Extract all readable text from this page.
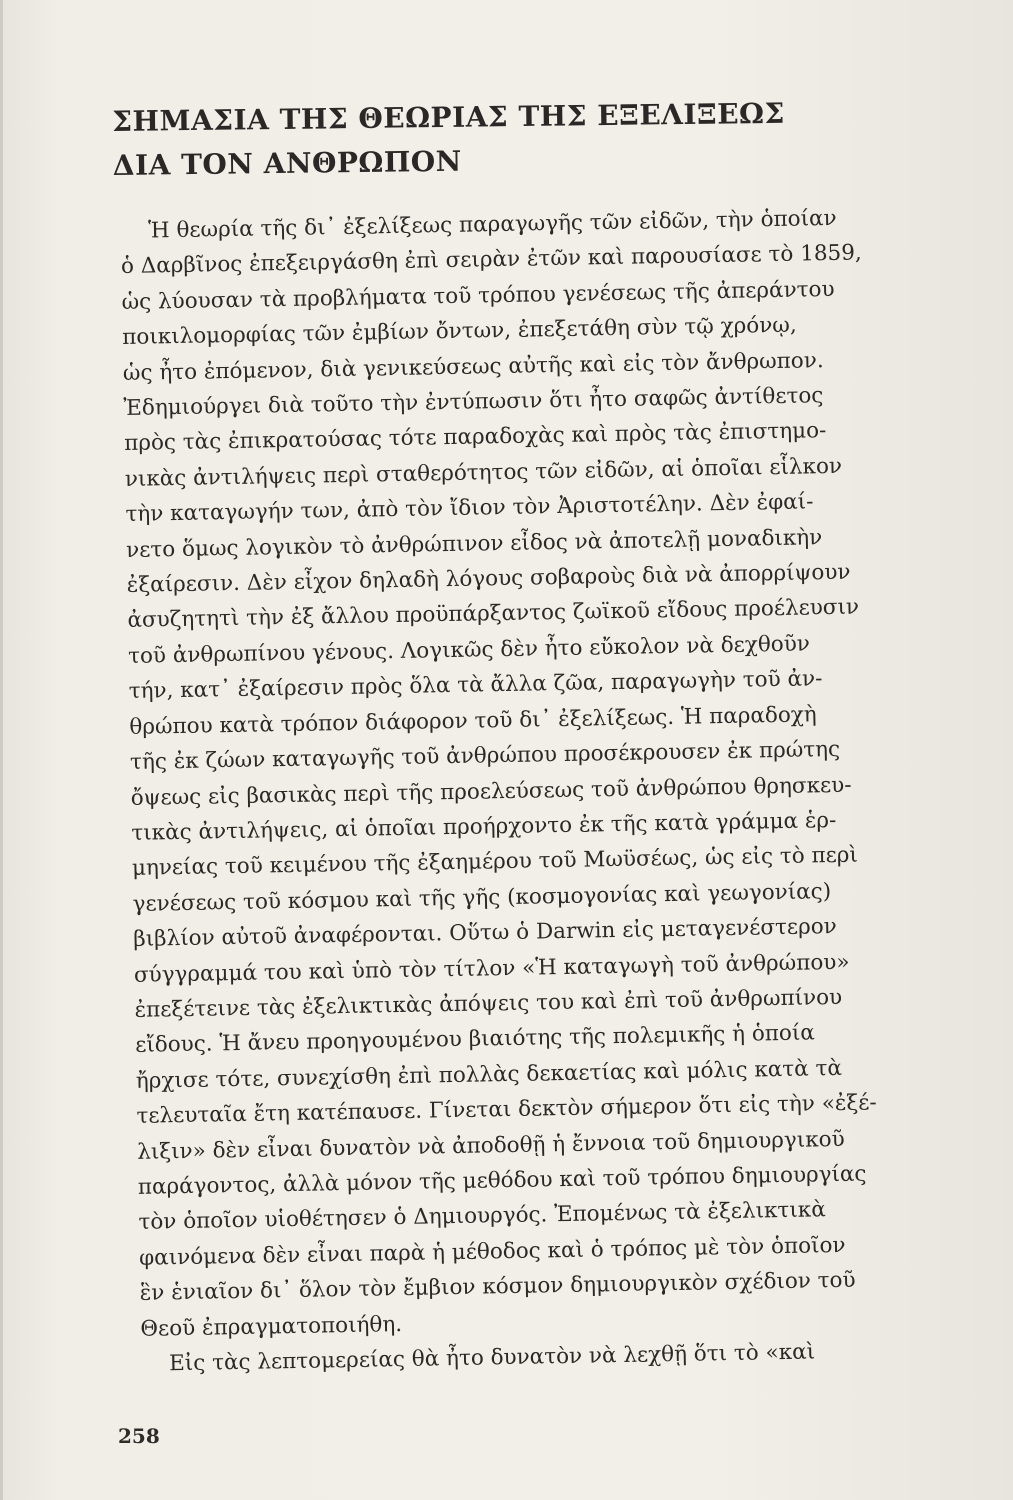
ΣΗΜΑΣΙΑ ΤΗΣ ΘΕΩΡΙΑΣ ΤΗΣ ΕΞΕΛΙΞΕΩΣ
ΔΙΑ ΤΟΝ ΑΝΘΡΩΠΟΝ
Ἡ θεωρία τῆς δι᾽ ἐξελίξεως παραγωγῆς τῶν εἰδῶν, τὴν ὁποίαν
ὁ Δαρβῖνος ἐπεξειργάσθη ἐπὶ σειρὰν ἐτῶν καὶ παρουσίασε τὸ 1859,
ὡς λύουσαν τὰ προβλήματα τοῦ τρόπου γενέσεως τῆς ἀπεράντου
ποικιλομορφίας τῶν ἐμβίων ὄντων, ἐπεξετάθη σὺν τῷ χρόνῳ,
ὡς ἦτο ἐπόμενον, διὰ γενικεύσεως αὐτῆς καὶ εἰς τὸν ἄνθρωπον.
Ἐδημιούργει διὰ τοῦτο τὴν ἐντύπωσιν ὅτι ἦτο σαφῶς ἀντίθετος
πρὸς τὰς ἐπικρατούσας τότε παραδοχὰς καὶ πρὸς τὰς ἐπιστημο-
νικὰς ἀντιλήψεις περὶ σταθερότητος τῶν εἰδῶν, αἱ ὁποῖαι εἷλκον
τὴν καταγωγήν των, ἀπὸ τὸν ἴδιον τὸν Ἀριστοτέλην. Δὲν ἐφαί-
νετο ὅμως λογικὸν τὸ ἀνθρώπινον εἶδος νὰ ἀποτελῇ μοναδικὴν
ἐξαίρεσιν. Δὲν εἶχον δηλαδὴ λόγους σοβαροὺς διὰ νὰ ἀπορρίψουν
ἀσυζητητὶ τὴν ἐξ ἄλλου προϋπάρξαντος ζωϊκοῦ εἴδους προέλευσιν
τοῦ ἀνθρωπίνου γένους. Λογικῶς δὲν ἦτο εὔκολον νὰ δεχθοῦν
τήν, κατ᾽ ἐξαίρεσιν πρὸς ὅλα τὰ ἄλλα ζῶα, παραγωγὴν τοῦ ἀν-
θρώπου κατὰ τρόπον διάφορον τοῦ δι᾽ ἐξελίξεως. Ἡ παραδοχὴ
τῆς ἐκ ζώων καταγωγῆς τοῦ ἀνθρώπου προσέκρουσεν ἐκ πρώτης
ὄψεως εἰς βασικὰς περὶ τῆς προελεύσεως τοῦ ἀνθρώπου θρησκευ-
τικὰς ἀντιλήψεις, αἱ ὁποῖαι προήρχοντο ἐκ τῆς κατὰ γράμμα ἑρ-
μηνείας τοῦ κειμένου τῆς ἐξαημέρου τοῦ Μωϋσέως, ὡς εἰς τὸ περὶ
γενέσεως τοῦ κόσμου καὶ τῆς γῆς (κοσμογονίας καὶ γεωγονίας)
βιβλίον αὐτοῦ ἀναφέρονται. Οὕτω ὁ Darwin εἰς μεταγενέστερον
σύγγραμμά του καὶ ὑπὸ τὸν τίτλον «Ἡ καταγωγὴ τοῦ ἀνθρώπου»
ἐπεξέτεινε τὰς ἐξελικτικὰς ἀπόψεις του καὶ ἐπὶ τοῦ ἀνθρωπίνου
εἴδους. Ἡ ἄνευ προηγουμένου βιαιότης τῆς πολεμικῆς ἡ ὁποία
ἤρχισε τότε, συνεχίσθη ἐπὶ πολλὰς δεκαετίας καὶ μόλις κατὰ τὰ
τελευταῖα ἔτη κατέπαυσε. Γίνεται δεκτὸν σήμερον ὅτι εἰς τὴν «ἐξέ-
λιξιν» δὲν εἶναι δυνατὸν νὰ ἀποδοθῇ ἡ ἔννοια τοῦ δημιουργικοῦ
παράγοντος, ἀλλὰ μόνον τῆς μεθόδου καὶ τοῦ τρόπου δημιουργίας
τὸν ὁποῖον υἱοθέτησεν ὁ Δημιουργός. Ἐπομένως τὰ ἐξελικτικὰ
φαινόμενα δὲν εἶναι παρὰ ἡ μέθοδος καὶ ὁ τρόπος μὲ τὸν ὁποῖον
ἓν ἑνιαῖον δι᾽ ὅλον τὸν ἔμβιον κόσμον δημιουργικὸν σχέδιον τοῦ
Θεοῦ ἐπραγματοποιήθη.
Εἰς τὰς λεπτομερείας θὰ ἦτο δυνατὸν νὰ λεχθῇ ὅτι τὸ «καὶ
258
